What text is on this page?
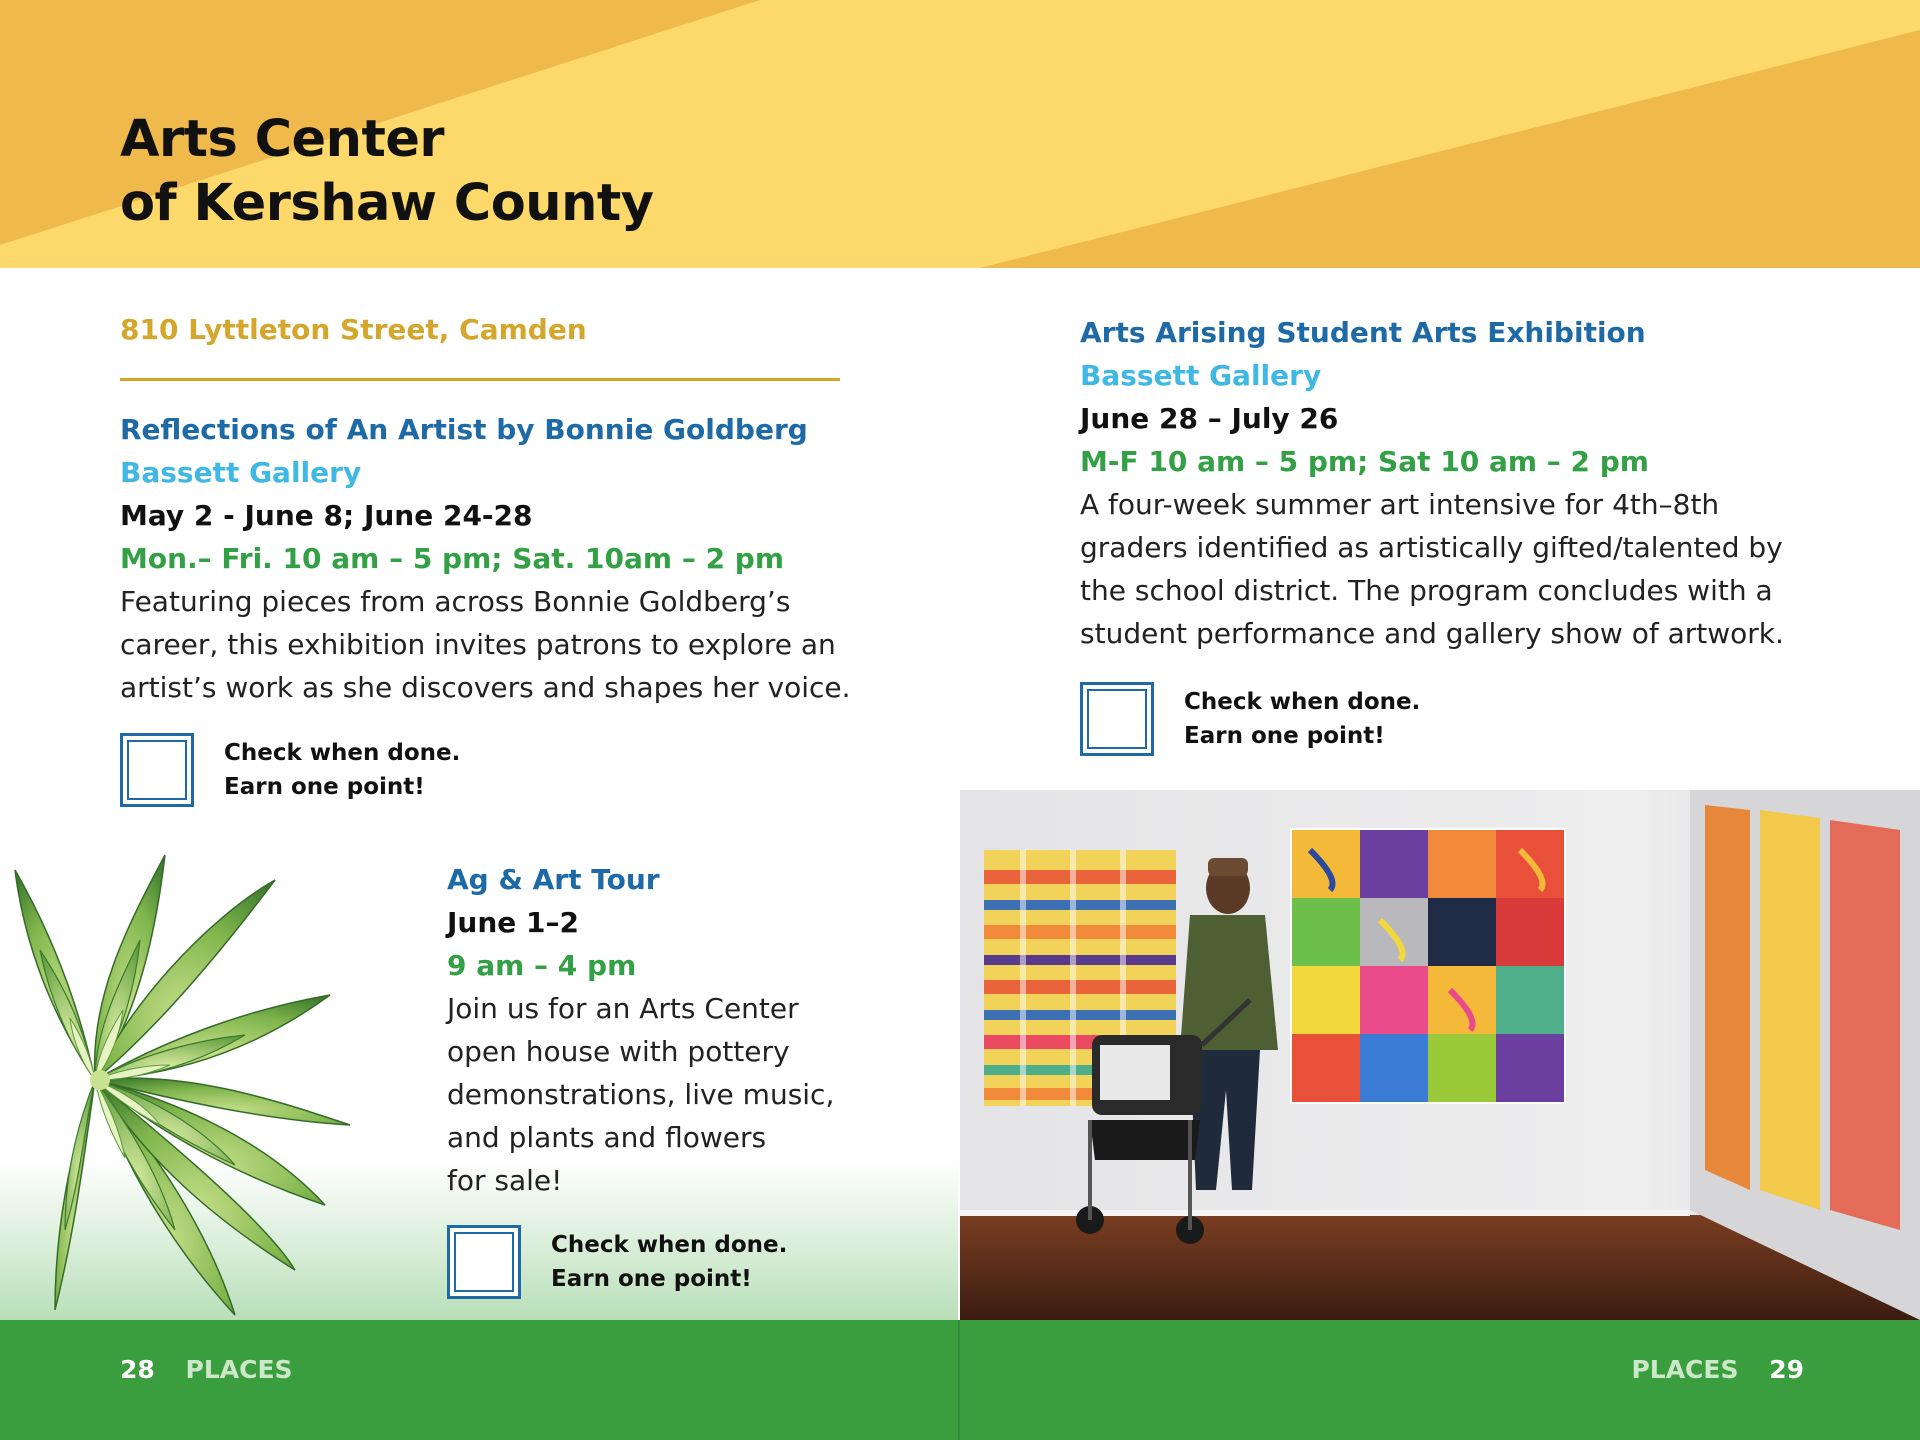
Arts Center
of Kershaw County
810 Lyttleton Street, Camden
Reflections of An Artist by Bonnie Goldberg
Bassett Gallery
May 2 - June 8; June 24-28
Mon.– Fri. 10 am – 5 pm; Sat. 10am – 2 pm
Featuring pieces from across Bonnie Goldberg’s
career, this exhibition invites patrons to explore an
artist’s work as she discovers and shapes her voice.
Check when done.
Earn one point!
Ag & Art Tour
June 1–2
9 am – 4 pm
Join us for an Arts Center
open house with pottery
demonstrations, live music,
and plants and flowers
for sale!
Check when done.
Earn one point!
Arts Arising Student Arts Exhibition
Bassett Gallery
June 28 – July 26
M-F 10 am – 5 pm; Sat 10 am – 2 pm
A four-week summer art intensive for 4th–8th
graders identified as artistically gifted/talented by
the school district. The program concludes with a
student performance and gallery show of artwork.
Check when done.
Earn one point!
28 PLACES	PLACES 29
